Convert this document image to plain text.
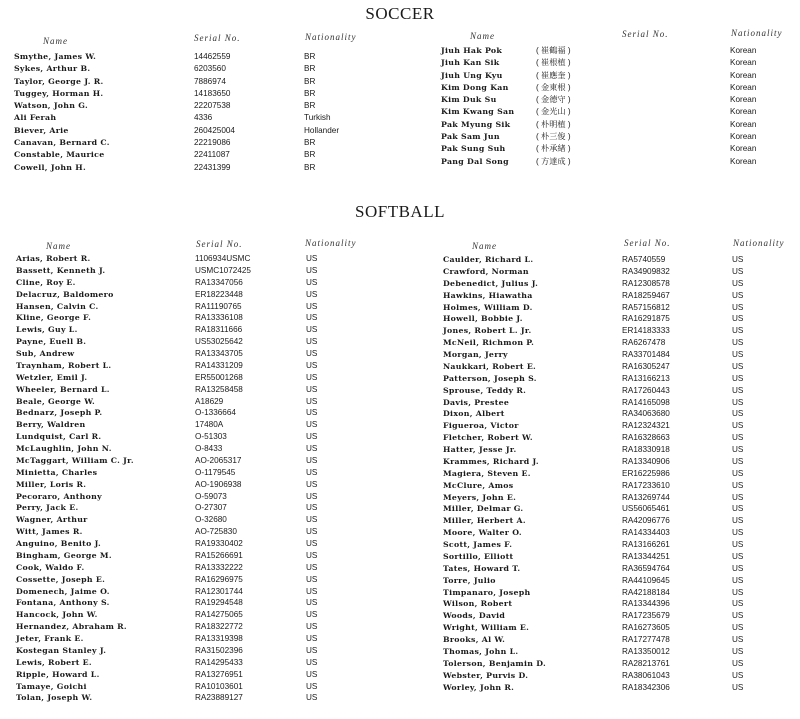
SOCCER
Name	Serial No.	Nationality	Name	Serial No.	Nationality
Smythe, James W.	14462559	BR
Sykes, Arthur B.	6203560	BR
Taylor, George J. R.	7886974	BR
Tuggey, Horman H.	14183650	BR
Watson, John G.	22207538	BR
Ali Ferah	4336	Turkish
Biever, Arie	260425004	Hollander
Canavan, Bernard C.	22219086	BR
Constable, Maurice	22411087	BR
Cowell, John H.	22431399	BR
Jiuh Hak Pok	( 崔鶴福 )	Korean
Jiuh Kan Sik	( 崔根植 )	Korean
Jiuh Ung Kyu	( 崔應奎 )	Korean
Kim Dong Kan	( 金東根 )	Korean
Kim Duk Su	( 金德守 )	Korean
Kim Kwang San	( 金光山 )	Korean
Pak Myung Sik	( 朴明植 )	Korean
Pak Sam Jun	( 朴三俊 )	Korean
Pak Sung Suh	( 朴承緖 )	Korean
Pang Dal Song	( 方達成 )	Korean
SOFTBALL
Name	Serial No.	Nationality	Name	Serial No.	Nationality
Arias, Robert R.	1106934USMC	US
Bassett, Kenneth J.	USMC1072425	US
Cline, Roy E.	RA13347056	US
Delacruz, Baldomero	ER18223448	US
Hansen, Calvin C.	RA11190765	US
Kline, George F.	RA13336108	US
Lewis, Guy L.	RA18311666	US
Payne, Euell B.	US53025642	US
Sub, Andrew	RA13343705	US
Traynham, Robert L.	RA14331209	US
Wetzler, Emil J.	ER55001268	US
Wheeler, Bernard L.	RA13258458	US
Beale, George W.	A18629	US
Bednarz, Joseph P.	O-1336664	US
Berry, Waldren	17480A	US
Lundquist, Carl R.	O-51303	US
McLaughlin, John N.	O-8433	US
McTaggart, William C. Jr.	AO-2065317	US
Minietta, Charles	O-1179545	US
Miller, Loris R.	AO-1906938	US
Pecoraro, Anthony	O-59073	US
Perry, Jack E.	O-27307	US
Wagner, Arthur	O-32680	US
Witt, James R.	AO-725830	US
Anguino, Benito J.	RA19330402	US
Bingham, George M.	RA15266691	US
Cook, Waldo F.	RA13332222	US
Cossette, Joseph E.	RA16296975	US
Domenech, Jaime O.	RA12301744	US
Fontana, Anthony S.	RA19294548	US
Hancock, John W.	RA14275065	US
Hernandez, Abraham R.	RA18322772	US
Jeter, Frank E.	RA13319398	US
Kostegan Stanley J.	RA31502396	US
Lewis, Robert E.	RA14295433	US
Ripple, Howard L.	RA13276951	US
Tamaye, Goichi	RA10103601	US
Tolan, Joseph W.	RA23889127	US
Caulder, Richard L.	RA5740559	US
Crawford, Norman	RA34909832	US
Debenedict, Julius J.	RA12308578	US
Hawkins, Hiawatha	RA18259467	US
Holmes, William D.	RA57156812	US
Howell, Bobbie J.	RA16291875	US
Jones, Robert L. Jr.	ER14183333	US
McNeil, Richmon P.	RA6267478	US
Morgan, Jerry	RA33701484	US
Naukkari, Robert E.	RA16305247	US
Patterson, Joseph S.	RA13166213	US
Sprouse, Teddy R.	RA17260443	US
Davis, Prestee	RA14165098	US
Dixon, Albert	RA34063680	US
Figueroa, Victor	RA12324321	US
Fletcher, Robert W.	RA16328663	US
Hatter, Jesse Jr.	RA18330918	US
Krammes, Richard J.	RA13340906	US
Magiera, Steven E.	ER16225986	US
McClure, Amos	RA17233610	US
Meyers, John E.	RA13269744	US
Miller, Delmar G.	US56065461	US
Miller, Herbert A.	RA42096776	US
Moore, Walter O.	RA14334403	US
Scott, James F.	RA13166261	US
Sortillo, Elliott	RA13344251	US
Tates, Howard T.	RA36594764	US
Torre, Julio	RA44109645	US
Timpanaro, Joseph	RA42188184	US
Wilson, Robert	RA13344396	US
Woods, David	RA17235679	US
Wright, William E.	RA16273605	US
Brooks, Al W.	RA17277478	US
Thomas, John L.	RA13350012	US
Tolerson, Benjamin D.	RA28213761	US
Webster, Purvis D.	RA38061043	US
Worley, John R.	RA18342306	US
